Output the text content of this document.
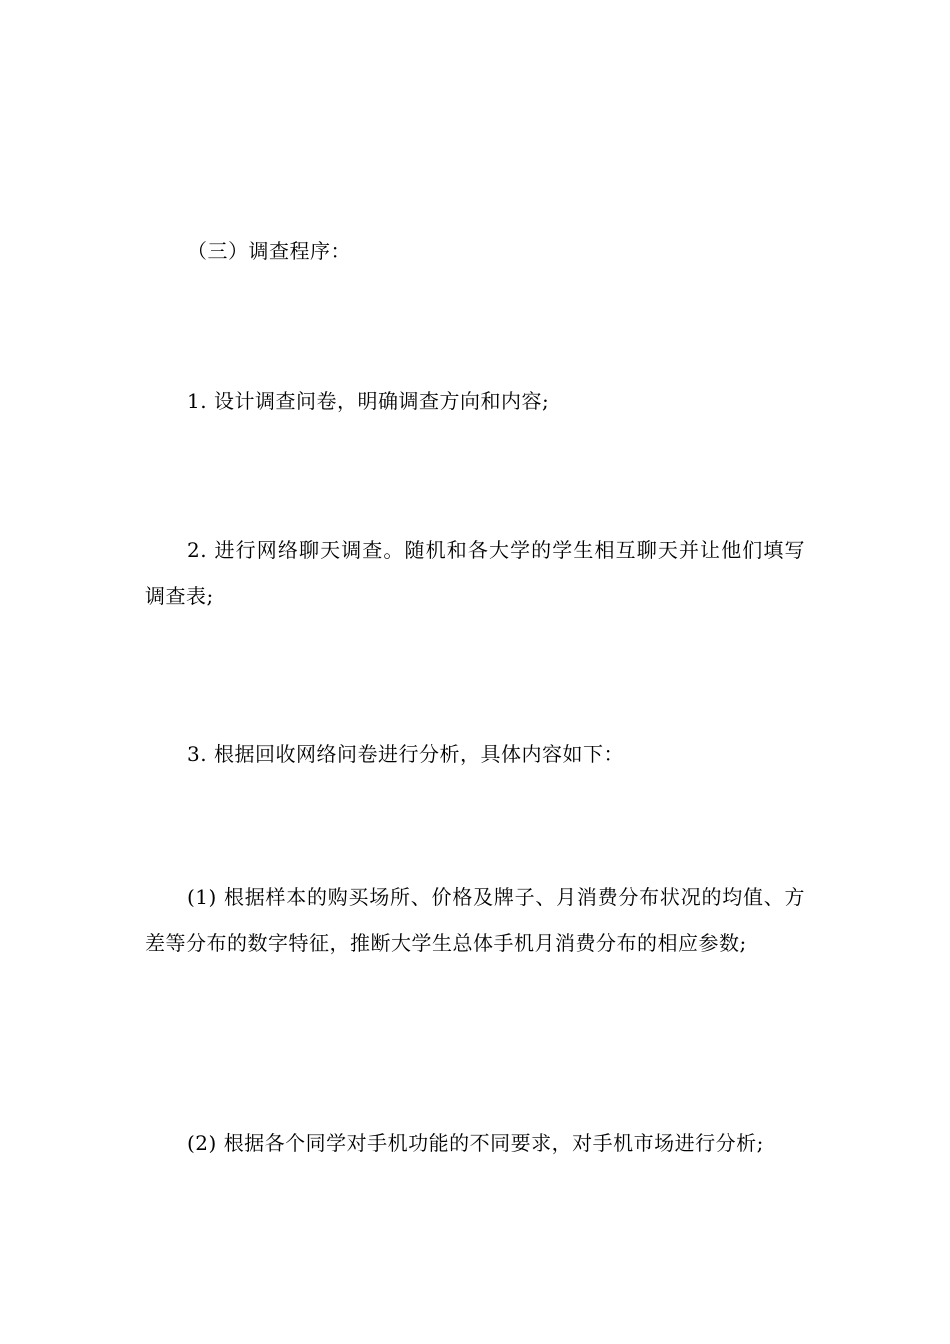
（三）调查程序：

1. 设计调查问卷，明确调查方向和内容;

2. 进行网络聊天调查。随机和各大学的学生相互聊天并让他们填写调查表;

3. 根据回收网络问卷进行分析，具体内容如下：

(1) 根据样本的购买场所、价格及牌子、月消费分布状况的均值、方差等分布的数字特征，推断大学生总体手机月消费分布的相应参数;

(2) 根据各个同学对手机功能的不同要求，对手机市场进行分析;
